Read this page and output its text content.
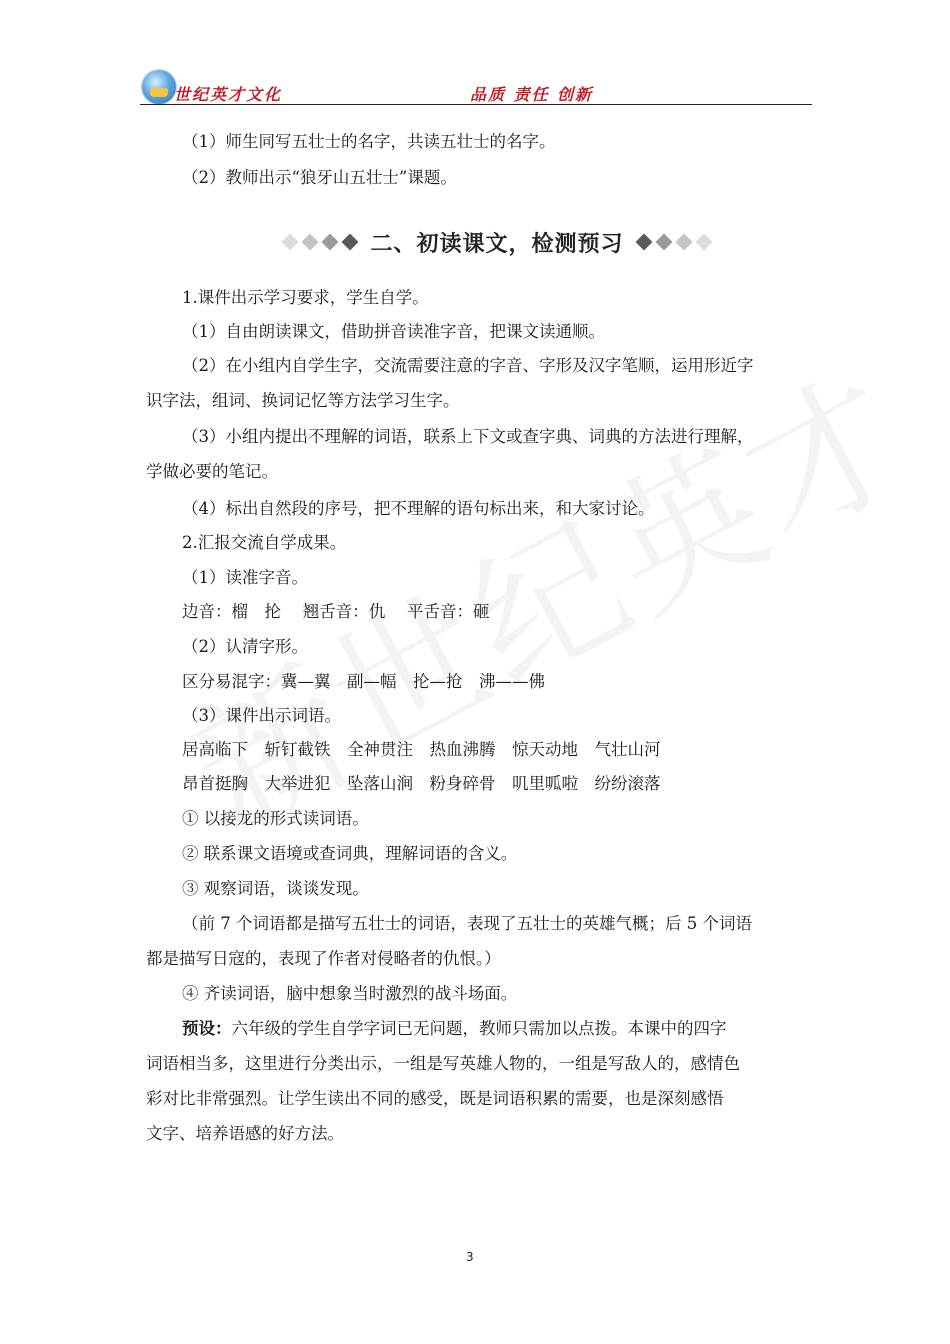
世纪英才文化	品质 责任 创新
（1）师生同写五壮士的名字，共读五壮士的名字。
（2）教师出示“狼牙山五壮士”课题。
二、初读课文，检测预习
1.课件出示学习要求，学生自学。
（1）自由朗读课文，借助拼音读准字音，把课文读通顺。
（2）在小组内自学生字，交流需要注意的字音、字形及汉字笔顺，运用形近字
识字法，组词、换词记忆等方法学习生字。
（3）小组内提出不理解的词语，联系上下文或查字典、词典的方法进行理解，
学做必要的笔记。
（4）标出自然段的序号，把不理解的语句标出来，和大家讨论。
2.汇报交流自学成果。
（1）读准字音。
边音：榴　抡　 翘舌音：仇　 平舌音：砸
（2）认清字形。
区分易混字：冀—翼　副—幅　抡—抢　沸——佛
（3）课件出示词语。
居高临下　斩钉截铁　全神贯注　热血沸腾　惊天动地　气壮山河
昂首挺胸　大举进犯　坠落山涧　粉身碎骨　叽里呱啦　纷纷滚落
① 以接龙的形式读词语。
② 联系课文语境或查词典，理解词语的含义。
③ 观察词语，谈谈发现。
（前 7 个词语都是描写五壮士的词语，表现了五壮士的英雄气概；后 5 个词语
都是描写日寇的，表现了作者对侵略者的仇恨。）
④ 齐读词语，脑中想象当时激烈的战斗场面。
预设：六年级的学生自学字词已无问题，教师只需加以点拨。本课中的四字
词语相当多，这里进行分类出示，一组是写英雄人物的，一组是写敌人的，感情色
彩对比非常强烈。让学生读出不同的感受，既是词语积累的需要，也是深刻感悟
文字、培养语感的好方法。
3
